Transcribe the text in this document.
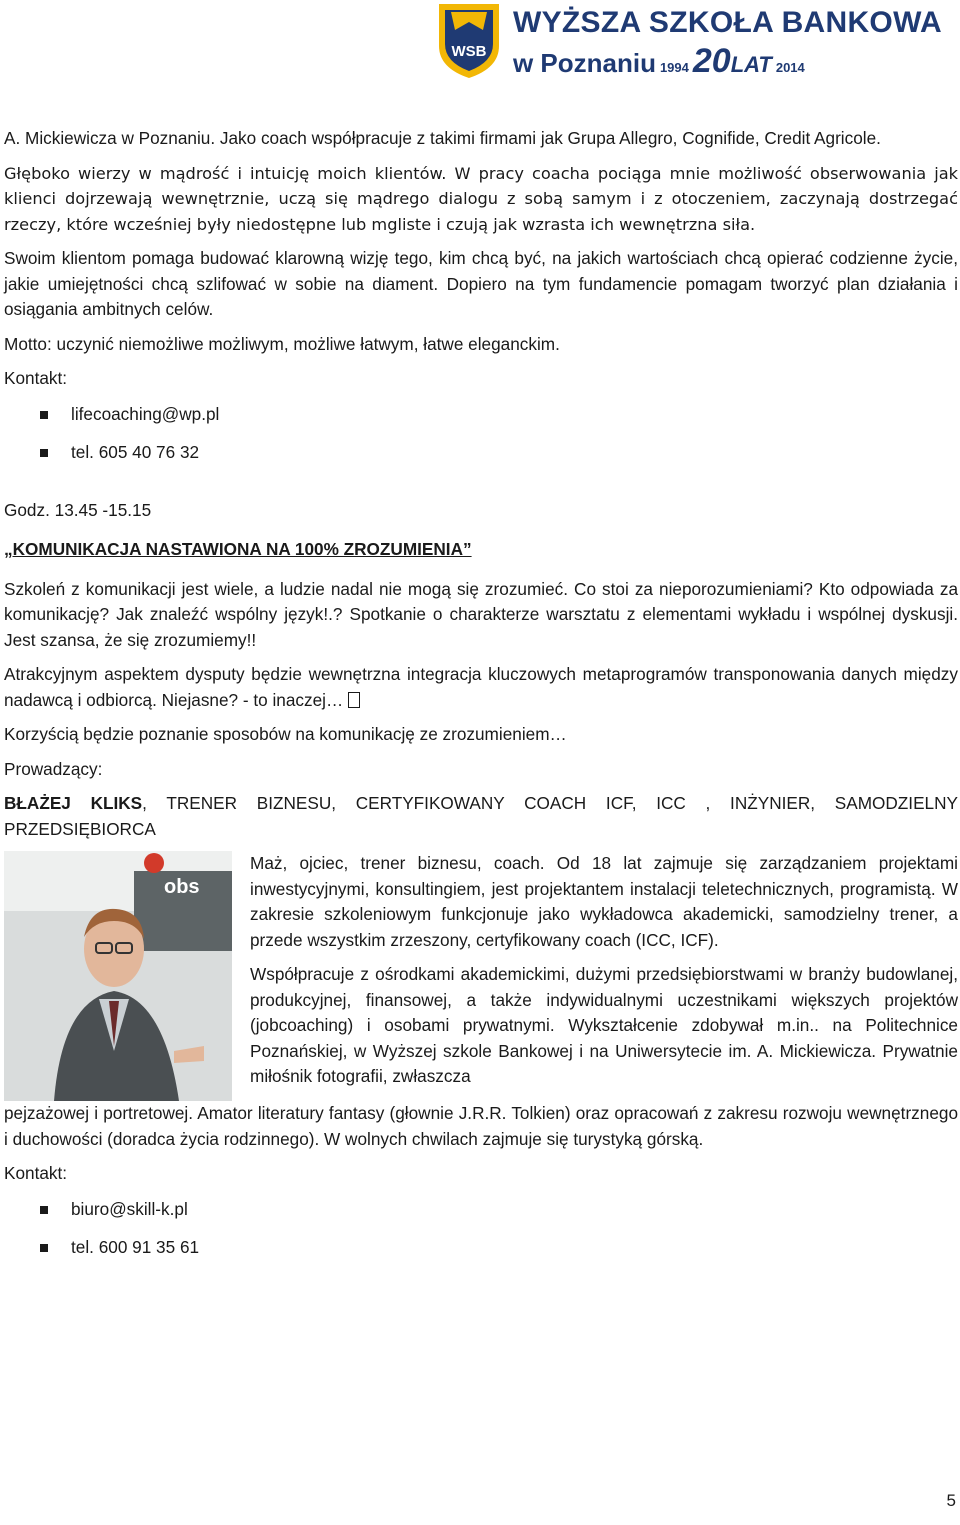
WSB
WYŻSZA SZKOŁA BANKOWA
w Poznaniu 1994 20 LAT 2014

A. Mickiewicza w Poznaniu. Jako coach współpracuje z takimi firmami jak Grupa Allegro, Cognifide, Credit Agricole.

Głęboko wierzy w mądrość i intuicję moich klientów. W pracy coacha pociąga mnie możliwość obserwowania jak klienci dojrzewają wewnętrznie, uczą się mądrego dialogu z sobą samym i z otoczeniem, zaczynają dostrzegać rzeczy, które wcześniej były niedostępne lub mgliste i czują jak wzrasta ich wewnętrzna siła.

Swoim klientom pomaga budować klarowną wizję tego, kim chcą być, na jakich wartościach chcą opierać codzienne życie, jakie umiejętności chcą szlifować w sobie na diament. Dopiero na tym fundamencie pomagam tworzyć plan działania i osiągania ambitnych celów.

Motto: uczynić niemożliwe możliwym, możliwe łatwym, łatwe eleganckim.

Kontakt:

lifecoaching@wp.pl
tel. 605 40 76 32

Godz. 13.45 -15.15

„KOMUNIKACJA NASTAWIONA NA 100% ZROZUMIENIA”

Szkoleń z komunikacji jest wiele, a ludzie nadal nie mogą się zrozumieć. Co stoi za nieporozumieniami? Kto odpowiada za komunikację? Jak znaleźć wspólny język!.? Spotkanie o charakterze warsztatu z elementami wykładu i wspólnej dyskusji. Jest szansa, że się zrozumiemy!!

Atrakcyjnym aspektem dysputy będzie wewnętrzna integracja kluczowych metaprogramów transponowania danych między nadawcą i odbiorcą. Niejasne? - to inaczej…

Korzyścią będzie poznanie sposobów na komunikację ze zrozumieniem…

Prowadzący:

BŁAŻEJ KLIKS, TRENER BIZNESU, CERTYFIKOWANY COACH ICF, ICC , INŻYNIER, SAMODZIELNY PRZEDSIĘBIORCA

obs

Maż, ojciec, trener biznesu, coach. Od 18 lat zajmuje się zarządzaniem projektami inwestycyjnymi, konsultingiem, jest projektantem instalacji teletechnicznych, programistą. W zakresie szkoleniowym funkcjonuje jako wykładowca akademicki, samodzielny trener, a przede wszystkim zrzeszony, certyfikowany coach (ICC, ICF).

Współpracuje z ośrodkami akademickimi, dużymi przedsiębiorstwami w branży budowlanej, produkcyjnej, finansowej, a także indywidualnymi uczestnikami większych projektów (jobcoaching) i osobami prywatnymi. Wykształcenie zdobywał m.in.. na Politechnice Poznańskiej, w Wyższej szkole Bankowej i na Uniwersytecie im. A. Mickiewicza. Prywatnie miłośnik fotografii, zwłaszcza

pejzażowej i portretowej. Amator literatury fantasy (głownie J.R.R. Tolkien) oraz opracowań z zakresu rozwoju wewnętrznego i duchowości (doradca życia rodzinnego). W wolnych chwilach zajmuje się turystyką górską.

Kontakt:

biuro@skill-k.pl
tel. 600 91 35 61
5
